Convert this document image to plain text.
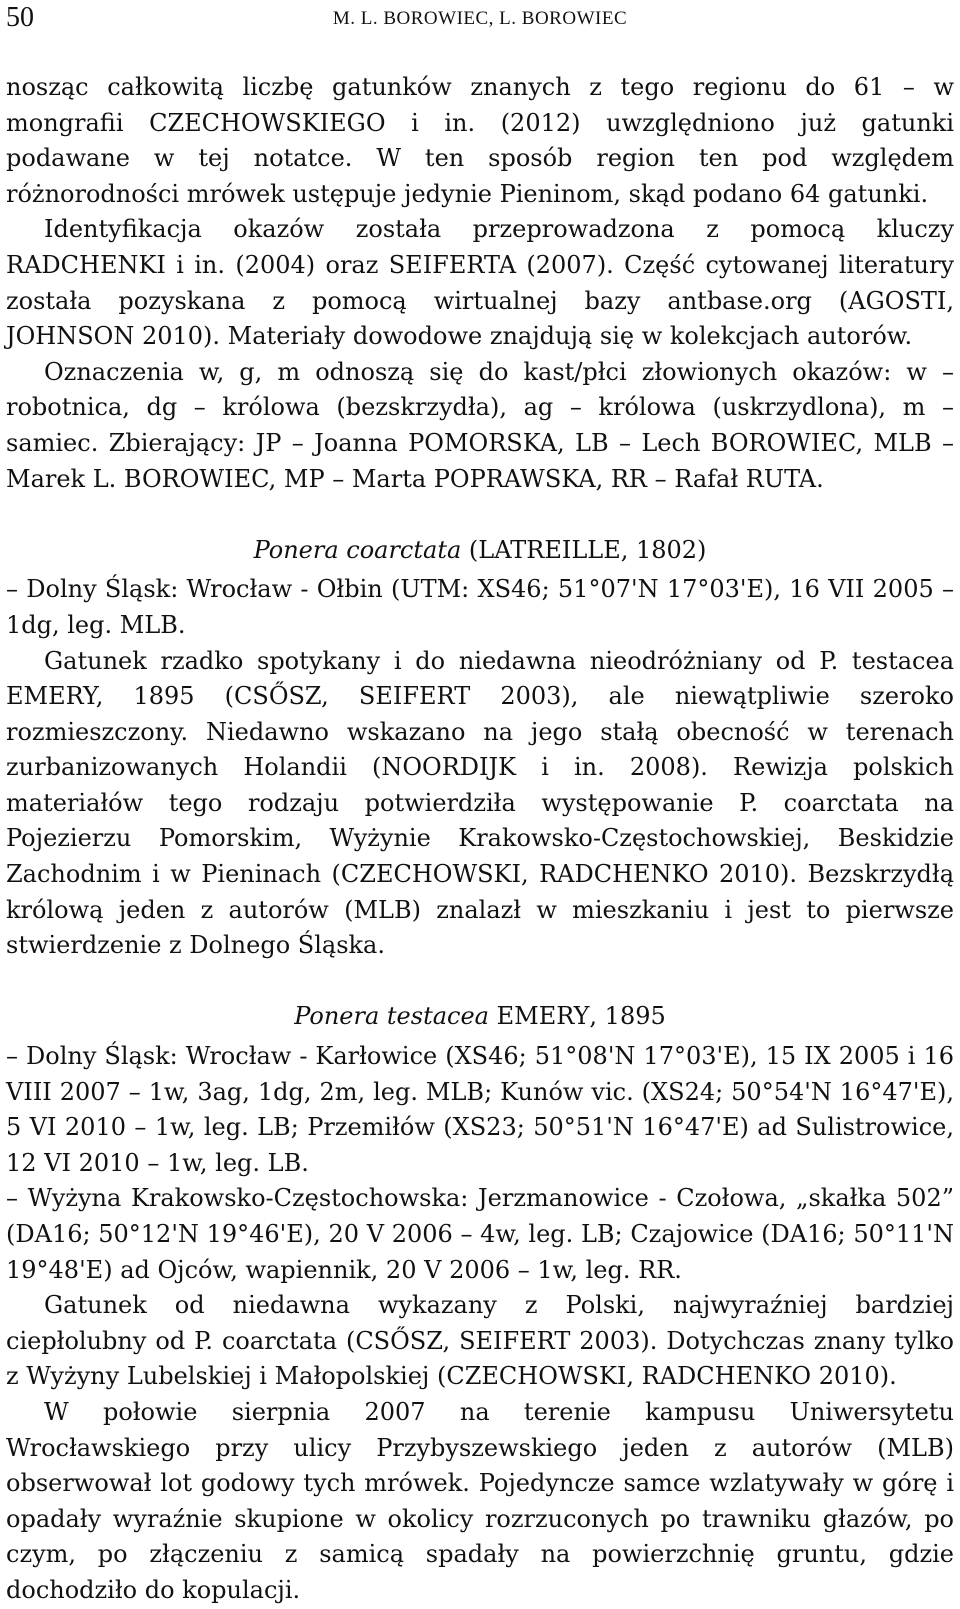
50	M. L. BOROWIEC, L. BOROWIEC

nosząc całkowitą liczbę gatunków znanych z tego regionu do 61 – w mongrafii CZECHOWSKIEGO i in. (2012) uwzględniono już gatunki podawane w tej notatce. W ten sposób region ten pod względem różnorodności mrówek ustępuje jedynie Pieninom, skąd podano 64 gatunki.

Identyfikacja okazów została przeprowadzona z pomocą kluczy RADCHENKI i in. (2004) oraz SEIFERTA (2007). Część cytowanej literatury została pozyskana z pomocą wirtualnej bazy antbase.org (AGOSTI, JOHNSON 2010). Materiały dowodowe znajdują się w kolekcjach autorów.

Oznaczenia w, g, m odnoszą się do kast/płci złowionych okazów: w – robotnica, dg – królowa (bezskrzydła), ag – królowa (uskrzydlona), m – samiec. Zbierający: JP – Joanna POMORSKA, LB – Lech BOROWIEC, MLB – Marek L. BOROWIEC, MP – Marta POPRAWSKA, RR – Rafał RUTA.

Ponera coarctata (LATREILLE, 1802)

– Dolny Śląsk: Wrocław - Ołbin (UTM: XS46; 51°07'N 17°03'E), 16 VII 2005 – 1dg, leg. MLB.

Gatunek rzadko spotykany i do niedawna nieodróżniany od P. testacea EMERY, 1895 (CSŐSZ, SEIFERT 2003), ale niewątpliwie szeroko rozmieszczony. Niedawno wskazano na jego stałą obecność w terenach zurbanizowanych Holandii (NOORDIJK i in. 2008). Rewizja polskich materiałów tego rodzaju potwierdziła występowanie P. coarctata na Pojezierzu Pomorskim, Wyżynie Krakowsko-Częstochowskiej, Beskidzie Zachodnim i w Pieninach (CZECHOWSKI, RADCHENKO 2010). Bezskrzydłą królową jeden z autorów (MLB) znalazł w mieszkaniu i jest to pierwsze stwierdzenie z Dolnego Śląska.

Ponera testacea EMERY, 1895

– Dolny Śląsk: Wrocław - Karłowice (XS46; 51°08'N 17°03'E), 15 IX 2005 i 16 VIII 2007 – 1w, 3ag, 1dg, 2m, leg. MLB; Kunów vic. (XS24; 50°54'N 16°47'E), 5 VI 2010 – 1w, leg. LB; Przemiłów (XS23; 50°51'N 16°47'E) ad Sulistrowice, 12 VI 2010 – 1w, leg. LB.

– Wyżyna Krakowsko-Częstochowska: Jerzmanowice - Czołowa, „skałka 502” (DA16; 50°12'N 19°46'E), 20 V 2006 – 4w, leg. LB; Czajowice (DA16; 50°11'N 19°48'E) ad Ojców, wapiennik, 20 V 2006 – 1w, leg. RR.

Gatunek od niedawna wykazany z Polski, najwyraźniej bardziej ciepłolubny od P. coarctata (CSŐSZ, SEIFERT 2003). Dotychczas znany tylko z Wyżyny Lubelskiej i Małopolskiej (CZECHOWSKI, RADCHENKO 2010).

W połowie sierpnia 2007 na terenie kampusu Uniwersytetu Wrocławskiego przy ulicy Przybyszewskiego jeden z autorów (MLB) obserwował lot godowy tych mrówek. Pojedyncze samce wzlatywały w górę i opadały wyraźnie skupione w okolicy rozrzuconych po trawniku głazów, po czym, po złączeniu z samicą spadały na powierzchnię gruntu, gdzie dochodziło do kopulacji.
